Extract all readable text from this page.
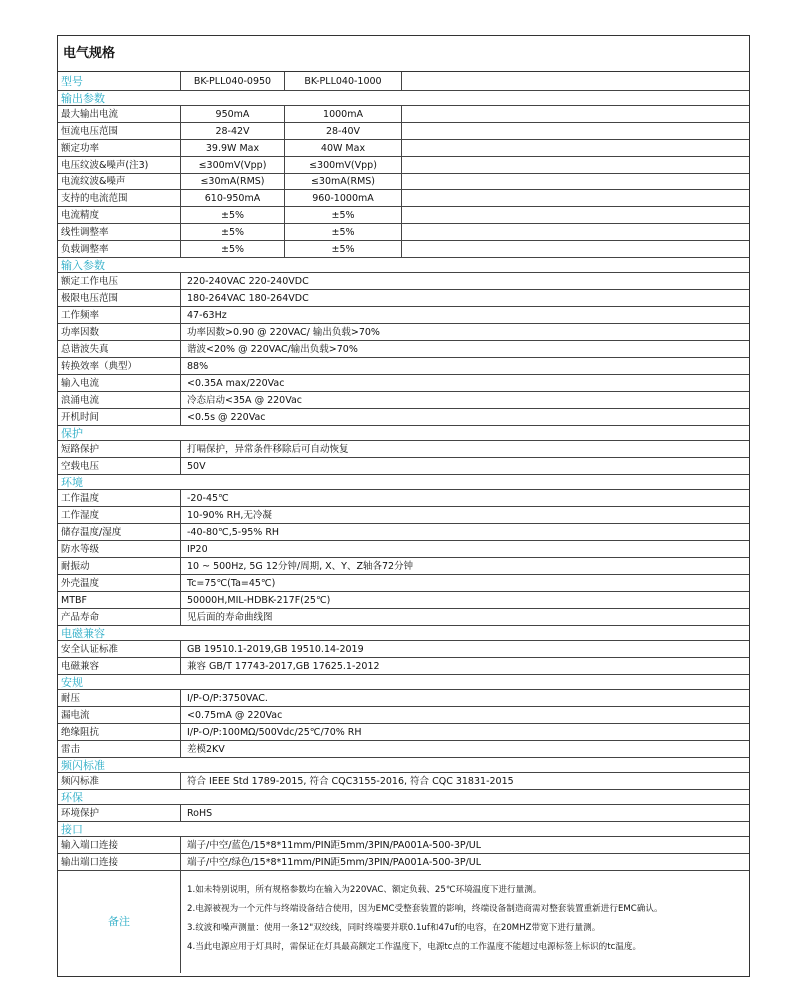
电气规格
型号	BK-PLL040-0950	BK-PLL040-1000
输出参数
最大输出电流	950mA	1000mA
恒流电压范围	28-42V	28-40V
额定功率	39.9W Max	40W Max
电压纹波&噪声(注3)	≤300mV(Vpp)	≤300mV(Vpp)
电流纹波&噪声	≤30mA(RMS)	≤30mA(RMS)
支持的电流范围	610-950mA	960-1000mA
电流精度	±5%	±5%
线性调整率	±5%	±5%
负载调整率	±5%	±5%
输入参数
额定工作电压	220-240VAC 220-240VDC
极限电压范围	180-264VAC 180-264VDC
工作频率	47-63Hz
功率因数	功率因数>0.90 @ 220VAC/ 输出负载>70%
总谐波失真	谐波<20% @ 220VAC/输出负载>70%
转换效率（典型）	88%
输入电流	<0.35A max/220Vac
浪涌电流	冷态启动<35A @ 220Vac
开机时间	<0.5s @ 220Vac
保护
短路保护	打嗝保护，异常条件移除后可自动恢复
空载电压	50V
环境
工作温度	-20-45℃
工作湿度	10-90% RH,无冷凝
储存温度/湿度	-40-80℃,5-95% RH
防水等级	IP20
耐振动	10 ~ 500Hz, 5G 12分钟/周期, X、Y、Z轴各72分钟
外壳温度	Tc=75℃(Ta=45℃)
MTBF	50000H,MIL-HDBK-217F(25℃)
产品寿命	见后面的寿命曲线图
电磁兼容
安全认证标准	GB 19510.1-2019,GB 19510.14-2019
电磁兼容	兼容 GB/T 17743-2017,GB 17625.1-2012
安规
耐压	I/P-O/P:3750VAC.
漏电流	<0.75mA @ 220Vac
绝缘阻抗	I/P-O/P:100MΩ/500Vdc/25℃/70% RH
雷击	差模2KV
频闪标准
频闪标准	符合 IEEE Std 1789-2015, 符合 CQC3155-2016, 符合 CQC 31831-2015
环保
环境保护	RoHS
接口
输入端口连接	端子/中空/蓝色/15*8*11mm/PIN距5mm/3PIN/PA001A-500-3P/UL
输出端口连接	端子/中空/绿色/15*8*11mm/PIN距5mm/3PIN/PA001A-500-3P/UL
备注
1.如未特别说明，所有规格参数均在输入为220VAC、额定负载、25℃环境温度下进行量测。
2.电源被视为一个元件与终端设备结合使用，因为EMC受整套装置的影响，终端设备制造商需对整套装置重新进行EMC确认。
3.纹波和噪声测量：使用一条12"双绞线，同时终端要并联0.1uf和47uf的电容，在20MHZ带宽下进行量测。
4.当此电源应用于灯具时，需保证在灯具最高额定工作温度下，电源tc点的工作温度不能超过电源标签上标识的tc温度。
